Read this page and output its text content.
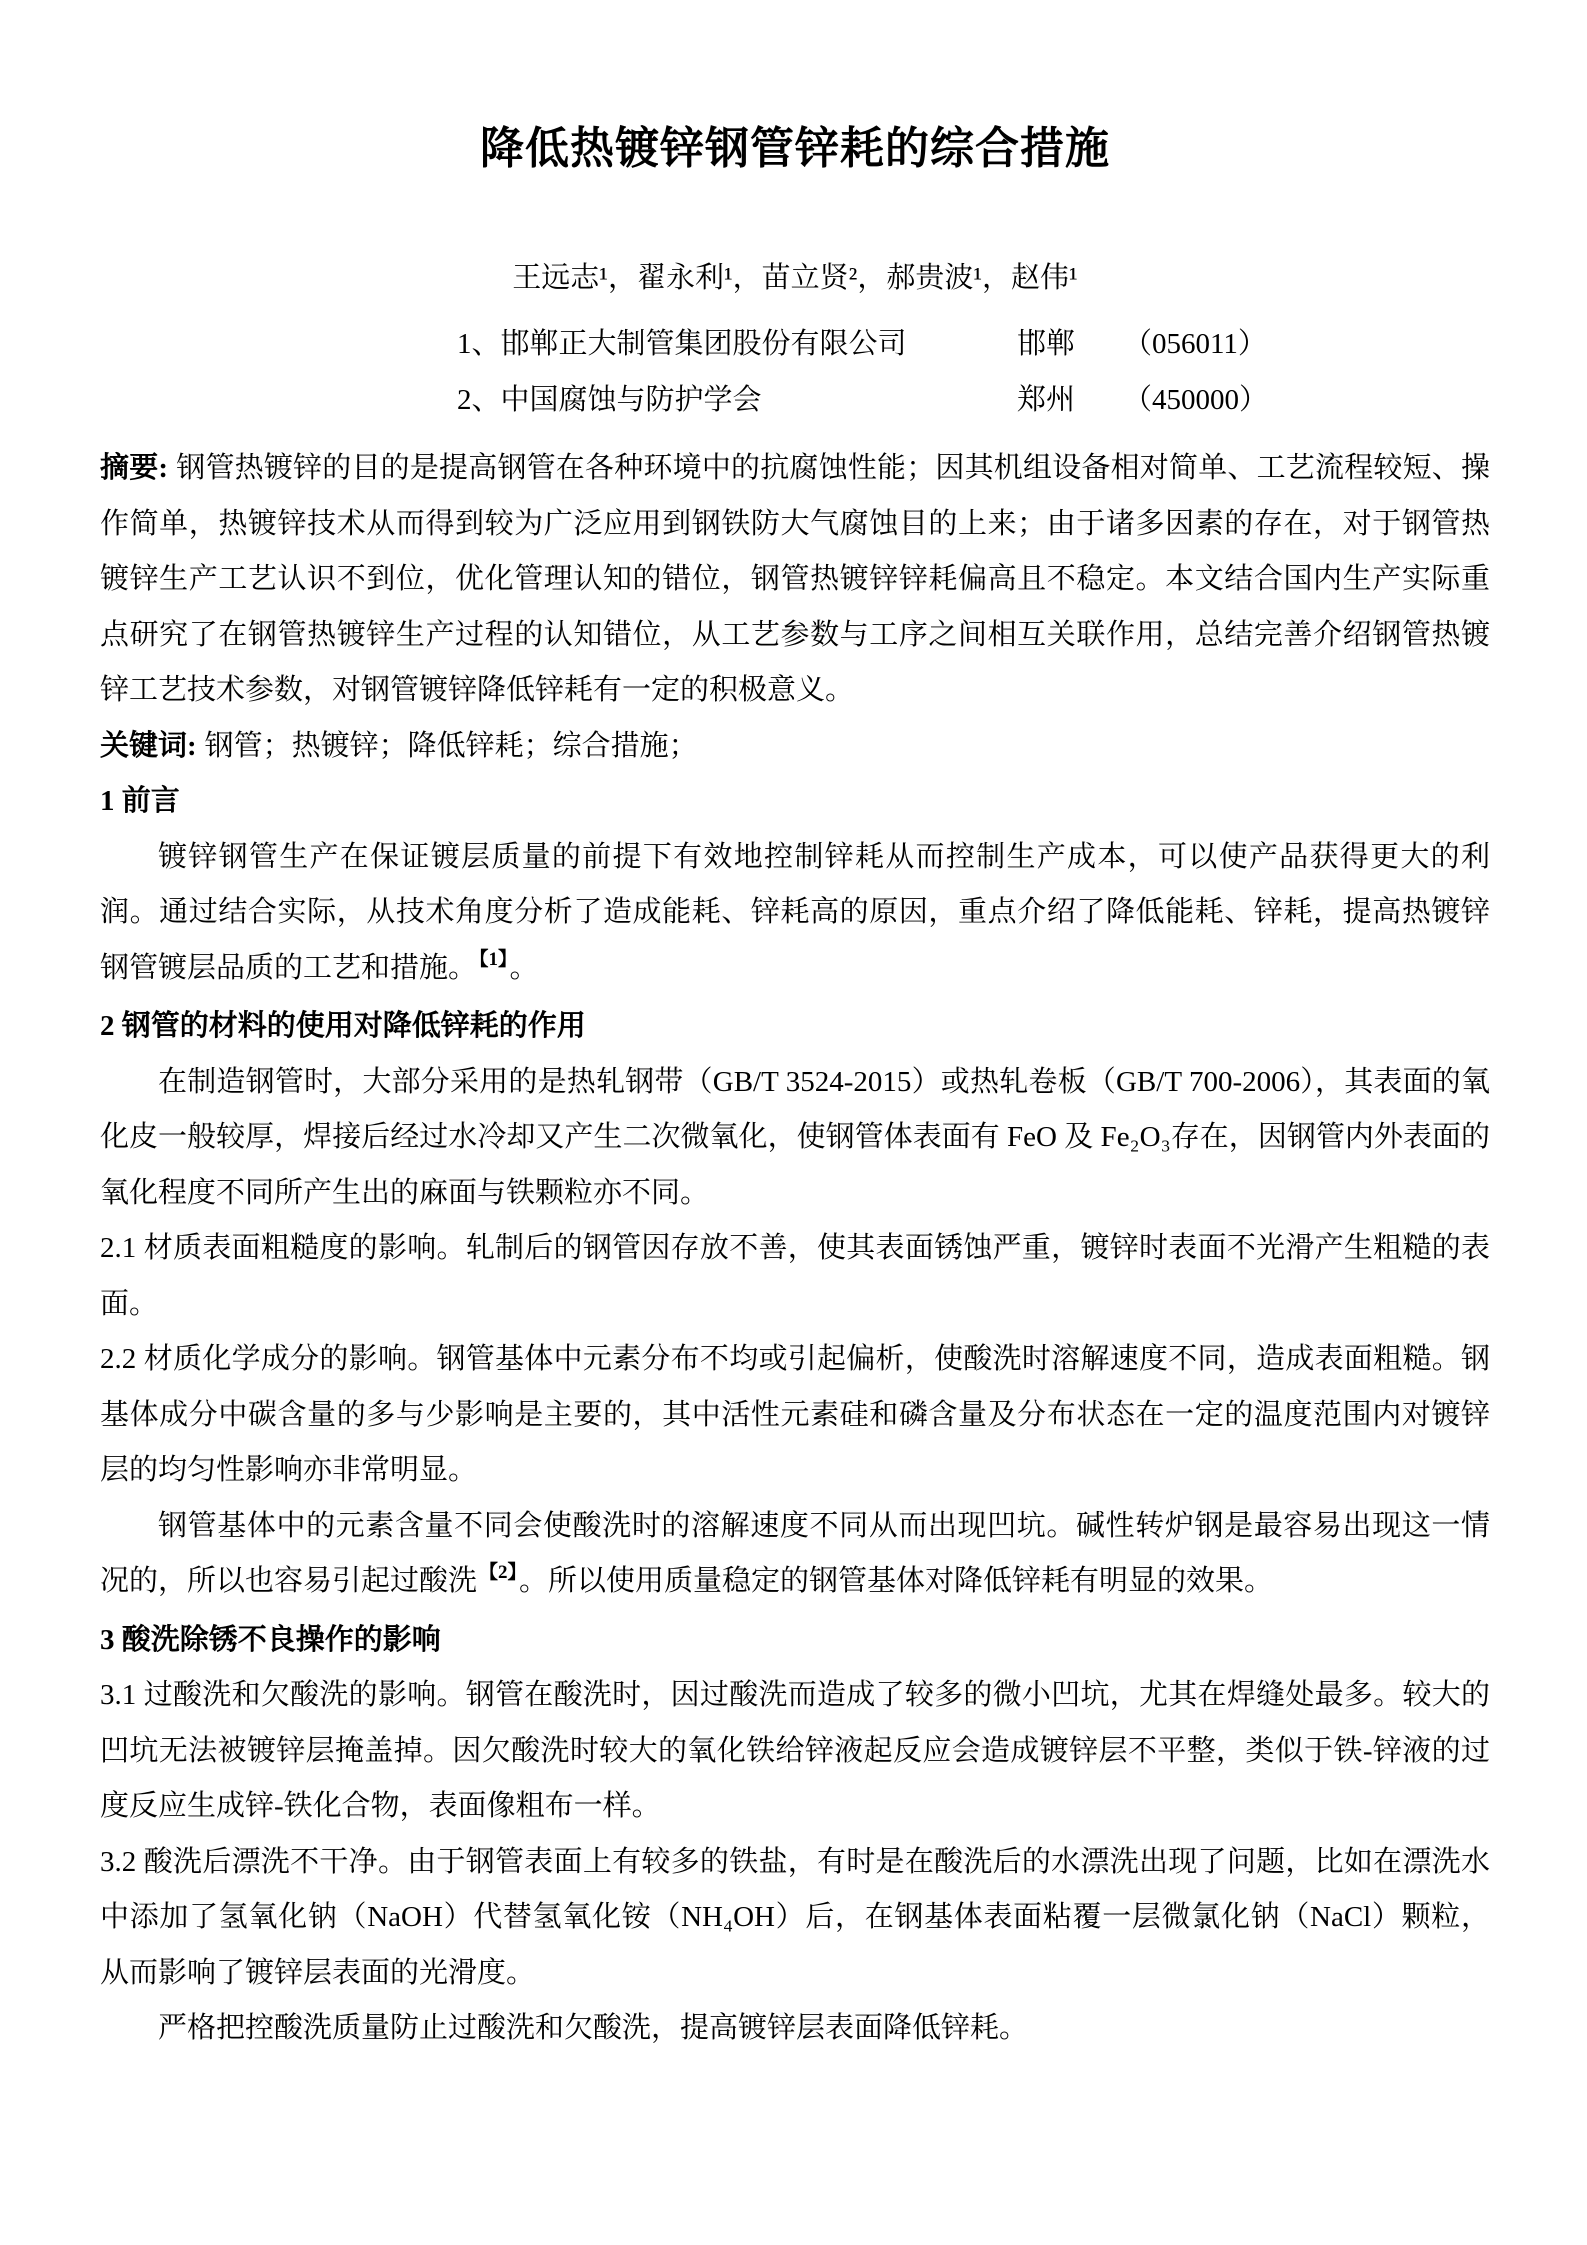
降低热镀锌钢管锌耗的综合措施
王远志¹，翟永利¹，苗立贤²，郝贵波¹，赵伟¹
1、邯郸正大制管集团股份有限公司	邯郸 （056011）
2、中国腐蚀与防护学会	郑州 （450000）

摘要: 钢管热镀锌的目的是提高钢管在各种环境中的抗腐蚀性能；因其机组设备相对简单、工艺流程较短、操作简单，热镀锌技术从而得到较为广泛应用到钢铁防大气腐蚀目的上来；由于诸多因素的存在，对于钢管热镀锌生产工艺认识不到位，优化管理认知的错位，钢管热镀锌锌耗偏高且不稳定。本文结合国内生产实际重点研究了在钢管热镀锌生产过程的认知错位，从工艺参数与工序之间相互关联作用，总结完善介绍钢管热镀锌工艺技术参数，对钢管镀锌降低锌耗有一定的积极意义。

关键词: 钢管；热镀锌；降低锌耗；综合措施；

1 前言

镀锌钢管生产在保证镀层质量的前提下有效地控制锌耗从而控制生产成本，可以使产品获得更大的利润。通过结合实际，从技术角度分析了造成能耗、锌耗高的原因，重点介绍了降低能耗、锌耗，提高热镀锌钢管镀层品质的工艺和措施。 $^{【1】}$。

2 钢管的材料的使用对降低锌耗的作用

在制造钢管时，大部分采用的是热轧钢带（GB/T 3524-2015）或热轧卷板（GB/T 700-2006），其表面的氧化皮一般较厚，焊接后经过水冷却又产生二次微氧化，使钢管体表面有 FeO 及 Fe₂O₃存在，因钢管内外表面的氧化程度不同所产生出的麻面与铁颗粒亦不同。

2.1 材质表面粗糙度的影响。轧制后的钢管因存放不善，使其表面锈蚀严重，镀锌时表面不光滑产生粗糙的表面。

2.2 材质化学成分的影响。钢管基体中元素分布不均或引起偏析，使酸洗时溶解速度不同，造成表面粗糙。钢基体成分中碳含量的多与少影响是主要的，其中活性元素硅和磷含量及分布状态在一定的温度范围内对镀锌层的均匀性影响亦非常明显。

钢管基体中的元素含量不同会使酸洗时的溶解速度不同从而出现凹坑。碱性转炉钢是最容易出现这一情况的，所以也容易引起过酸洗 $^{【2】}$。所以使用质量稳定的钢管基体对降低锌耗有明显的效果。

3 酸洗除锈不良操作的影响

3.1 过酸洗和欠酸洗的影响。钢管在酸洗时，因过酸洗而造成了较多的微小凹坑，尤其在焊缝处最多。较大的凹坑无法被镀锌层掩盖掉。因欠酸洗时较大的氧化铁给锌液起反应会造成镀锌层不平整，类似于铁-锌液的过度反应生成锌-铁化合物，表面像粗布一样。

3.2 酸洗后漂洗不干净。由于钢管表面上有较多的铁盐，有时是在酸洗后的水漂洗出现了问题，比如在漂洗水中添加了氢氧化钠（NaOH）代替氢氧化铵（NH₄OH）后，在钢基体表面粘覆一层微氯化钠（NaCl）颗粒，从而影响了镀锌层表面的光滑度。

严格把控酸洗质量防止过酸洗和欠酸洗，提高镀锌层表面降低锌耗。
